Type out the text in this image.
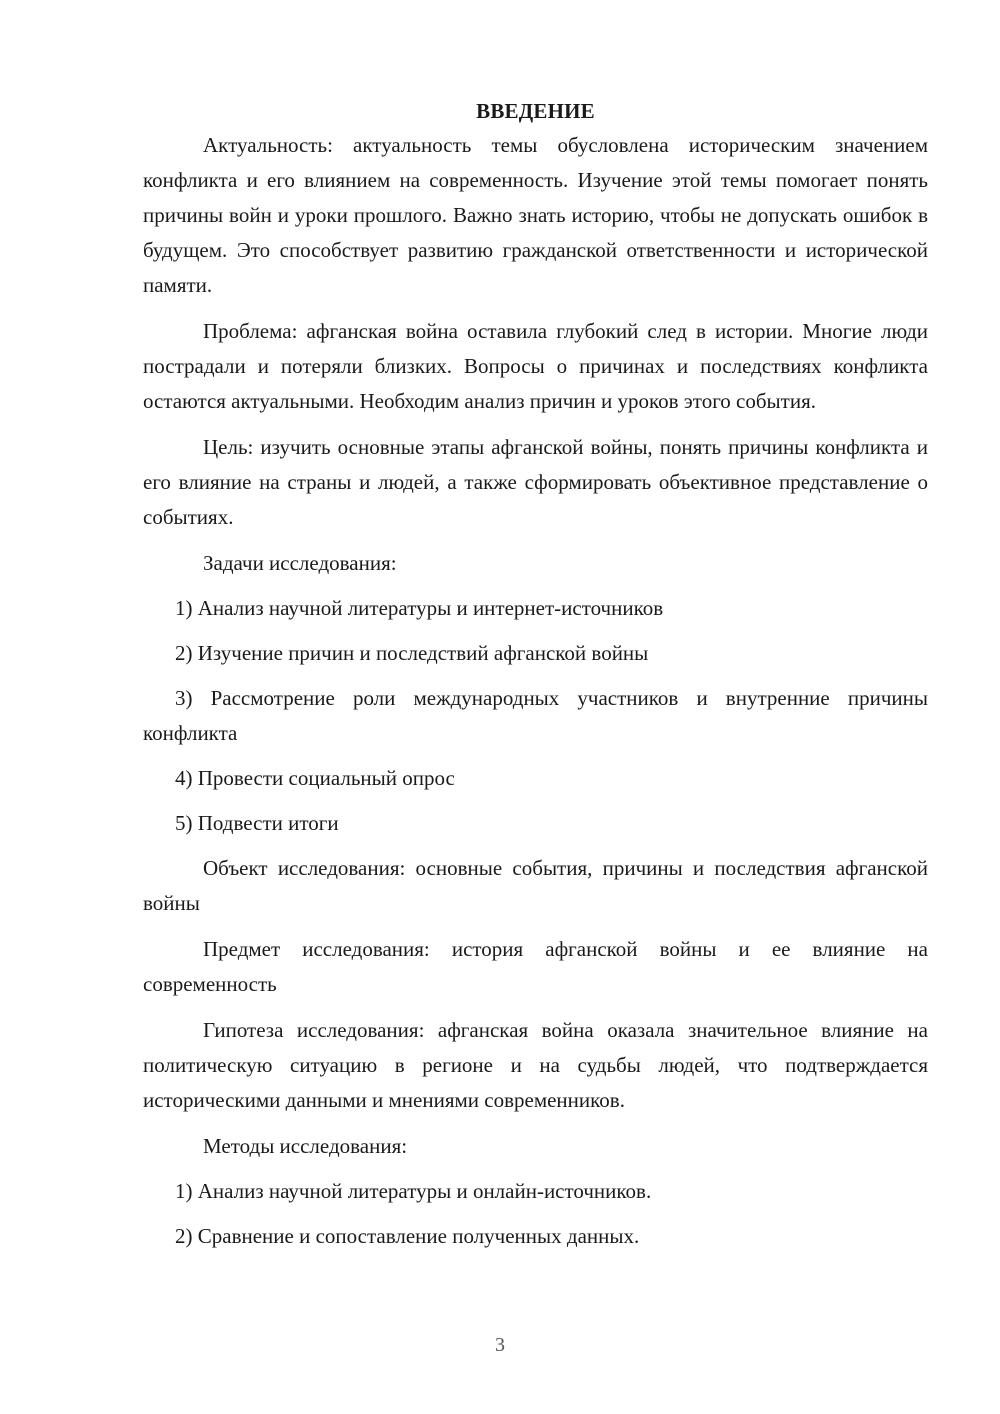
ВВЕДЕНИЕ

Актуальность: актуальность темы обусловлена историческим значением конфликта и его влиянием на современность. Изучение этой темы помогает понять причины войн и уроки прошлого. Важно знать историю, чтобы не допускать ошибок в будущем. Это способствует развитию гражданской ответственности и исторической памяти.

Проблема: афганская война оставила глубокий след в истории. Многие люди пострадали и потеряли близких. Вопросы о причинах и последствиях конфликта остаются актуальными. Необходим анализ причин и уроков этого события.

Цель: изучить основные этапы афганской войны, понять причины конфликта и его влияние на страны и людей, а также сформировать объективное представление о событиях.

Задачи исследования:

1) Анализ научной литературы и интернет-источников

2) Изучение причин и последствий афганской войны

3) Рассмотрение роли международных участников и внутренние причины конфликта

4) Провести социальный опрос

5) Подвести итоги

Объект исследования: основные события, причины и последствия афганской войны

Предмет исследования: история афганской войны и ее влияние на современность

Гипотеза исследования: афганская война оказала значительное влияние на политическую ситуацию в регионе и на судьбы людей, что подтверждается историческими данными и мнениями современников.

Методы исследования:

1) Анализ научной литературы и онлайн-источников.

2) Сравнение и сопоставление полученных данных.

3
